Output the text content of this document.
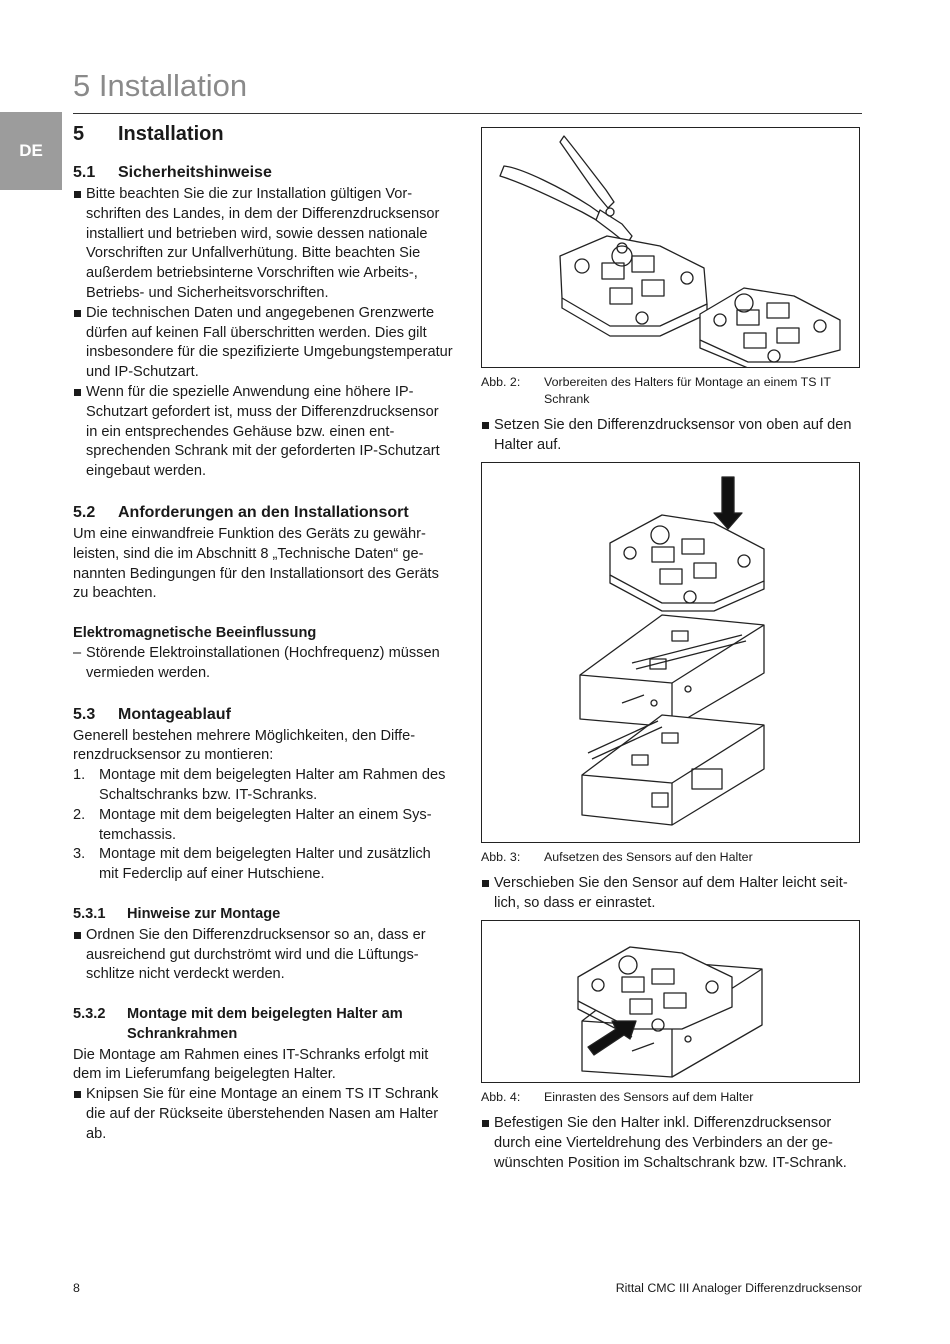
DE
5 Installation
5 Installation
5.1 Sicherheitshinweise
Bitte beachten Sie die zur Installation gültigen Vorschriften des Landes, in dem der Differenzdrucksensor installiert und betrieben wird, sowie dessen nationale Vorschriften zur Unfallverhütung. Bitte beachten Sie außerdem betriebsinterne Vorschriften wie Arbeits-, Betriebs- und Sicherheitsvorschriften.
Die technischen Daten und angegebenen Grenzwerte dürfen auf keinen Fall überschritten werden. Dies gilt insbesondere für die spezifizierte Umgebungstemperatur und IP-Schutzart.
Wenn für die spezielle Anwendung eine höhere IP-Schutzart gefordert ist, muss der Differenzdrucksensor in ein entsprechendes Gehäuse bzw. einen entsprechenden Schrank mit der geforderten IP-Schutzart eingebaut werden.
5.2 Anforderungen an den Installationsort

Um eine einwandfreie Funktion des Geräts zu gewährleisten, sind die im Abschnitt 8 „Technische Daten“ genannten Bedingungen für den Installationsort des Geräts zu beachten.

Elektromagnetische Beeinflussung
– Störende Elektroinstallationen (Hochfrequenz) müssen vermieden werden.
5.3 Montageablauf

Generell bestehen mehrere Möglichkeiten, den Differenzdrucksensor zu montieren:

1. Montage mit dem beigelegten Halter am Rahmen des Schaltschranks bzw. IT-Schranks.
2. Montage mit dem beigelegten Halter an einem Systemchassis.
3. Montage mit dem beigelegten Halter und zusätzlich mit Federclip auf einer Hutschiene.
5.3.1	Hinweise zur Montage
Ordnen Sie den Differenzdrucksensor so an, dass er ausreichend gut durchströmt wird und die Lüftungsschlitze nicht verdeckt werden.
5.3.2	Montage mit dem beigelegten Halter am Schrankrahmen

Die Montage am Rahmen eines IT-Schranks erfolgt mit dem im Lieferumfang beigelegten Halter.

Knipsen Sie für eine Montage an einem TS IT Schrank die auf der Rückseite überstehenden Nasen am Halter ab.
Abb. 2:	Vorbereiten des Halters für Montage an einem TS IT Schrank
Setzen Sie den Differenzdrucksensor von oben auf den Halter auf.
Abb. 3:	Aufsetzen des Sensors auf den Halter
Verschieben Sie den Sensor auf dem Halter leicht seitlich, so dass er einrastet.
Abb. 4:	Einrasten des Sensors auf dem Halter
Befestigen Sie den Halter inkl. Differenzdrucksensor durch eine Vierteldrehung des Verbinders an der gewünschten Position im Schaltschrank bzw. IT-Schrank.
8	Rittal CMC III Analoger Differenzdrucksensor
